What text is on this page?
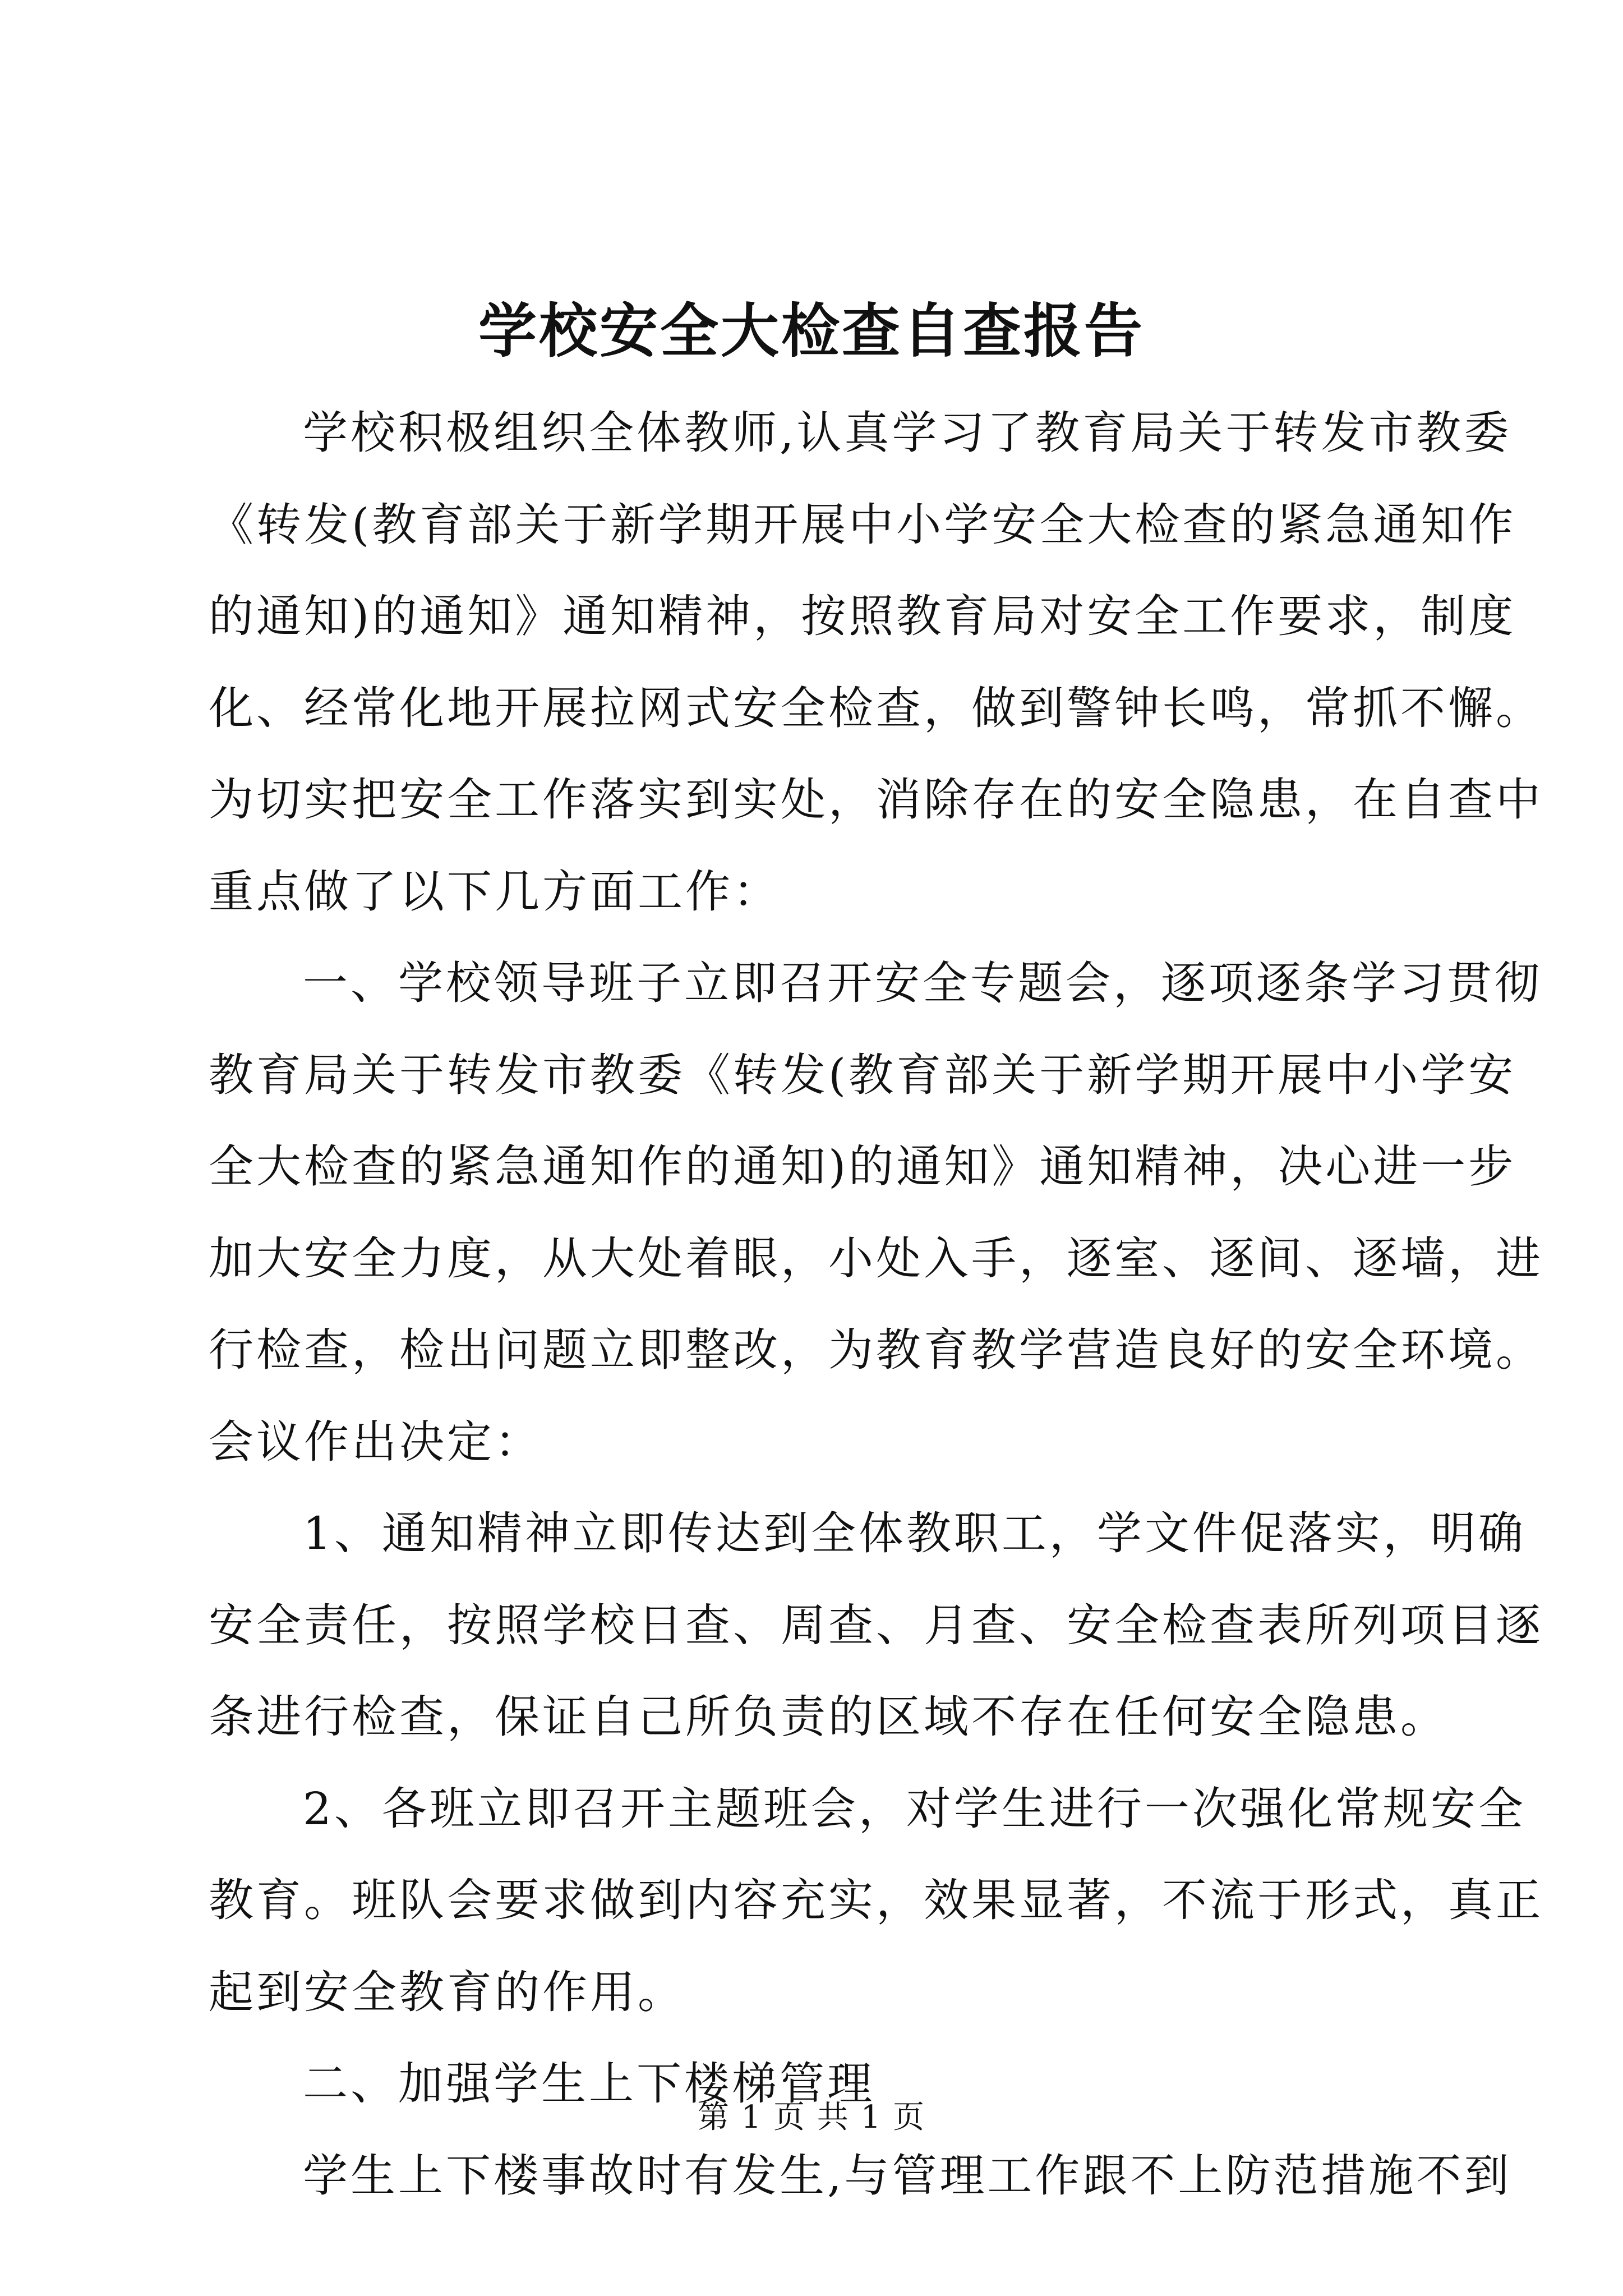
学校安全大检查自查报告
学校积极组织全体教师,认真学习了教育局关于转发市教委
《转发(教育部关于新学期开展中小学安全大检查的紧急通知作
的通知)的通知》通知精神，按照教育局对安全工作要求，制度
化、经常化地开展拉网式安全检查，做到警钟长鸣，常抓不懈。
为切实把安全工作落实到实处，消除存在的安全隐患，在自查中
重点做了以下几方面工作：
一、学校领导班子立即召开安全专题会，逐项逐条学习贯彻
教育局关于转发市教委《转发(教育部关于新学期开展中小学安
全大检查的紧急通知作的通知)的通知》通知精神，决心进一步
加大安全力度，从大处着眼，小处入手，逐室、逐间、逐墙，进
行检查，检出问题立即整改，为教育教学营造良好的安全环境。
会议作出决定：
1、通知精神立即传达到全体教职工，学文件促落实，明确
安全责任，按照学校日查、周查、月查、安全检查表所列项目逐
条进行检查，保证自己所负责的区域不存在任何安全隐患。
2、各班立即召开主题班会，对学生进行一次强化常规安全
教育。班队会要求做到内容充实，效果显著，不流于形式，真正
起到安全教育的作用。
二、加强学生上下楼梯管理
学生上下楼事故时有发生,与管理工作跟不上防范措施不到
第 1 页 共 1 页
